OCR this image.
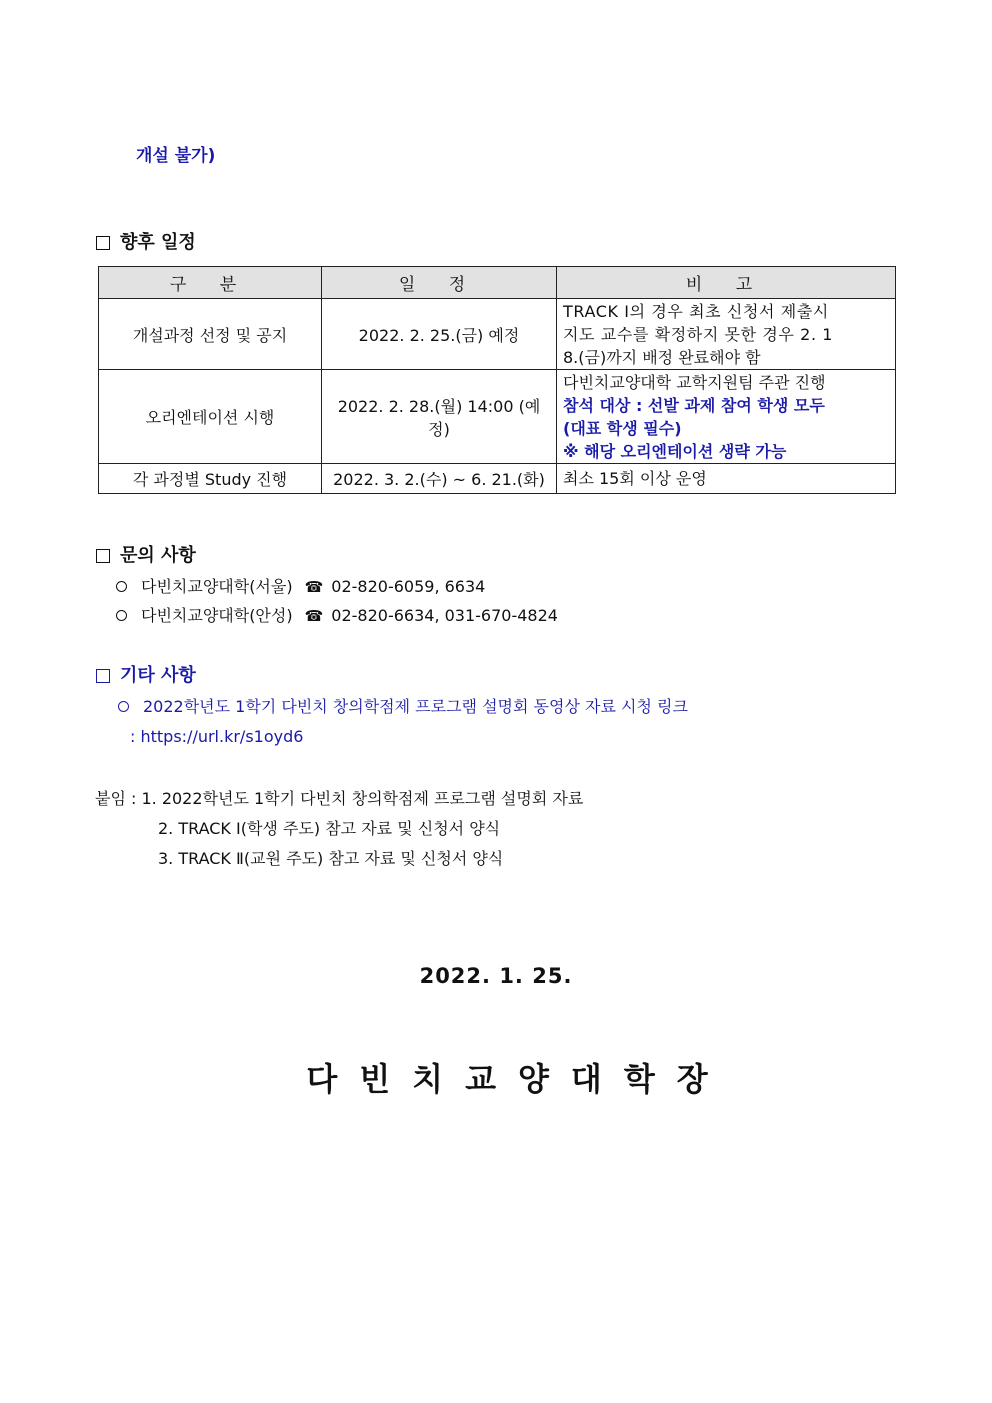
개설 불가)
향후 일정
구 분	일 정	비 고
개설과정 선정 및 공지	2022. 2. 25.(금) 예정	TRACK Ⅰ의 경우 최초 신청서 제출시
지도 교수를 확정하지 못한 경우 2. 1
8.(금)까지 배정 완료해야 함

오리엔테이션 시행	2022. 2. 28.(월) 14:00 (예정)	다빈치교양대학 교학지원팀 주관 진행
참석 대상 : 선발 과제 참여 학생 모두
(대표 학생 필수)
※ 해당 오리엔테이션 생략 가능

각 과정별 Study 진행	2022. 3. 2.(수) ~ 6. 21.(화)	최소 15회 이상 운영
문의 사항
다빈치교양대학(서울) ☎ 02-820-6059, 6634
다빈치교양대학(안성) ☎ 02-820-6634, 031-670-4824
기타 사항
2022학년도 1학기 다빈치 창의학점제 프로그램 설명회 동영상 자료 시청 링크
: https://url.kr/s1oyd6
붙임 : 1. 2022학년도 1학기 다빈치 창의학점제 프로그램 설명회 자료
2. TRACK Ⅰ(학생 주도) 참고 자료 및 신청서 양식
3. TRACK Ⅱ(교원 주도) 참고 자료 및 신청서 양식
2022. 1. 25.
다빈치교양대학장
